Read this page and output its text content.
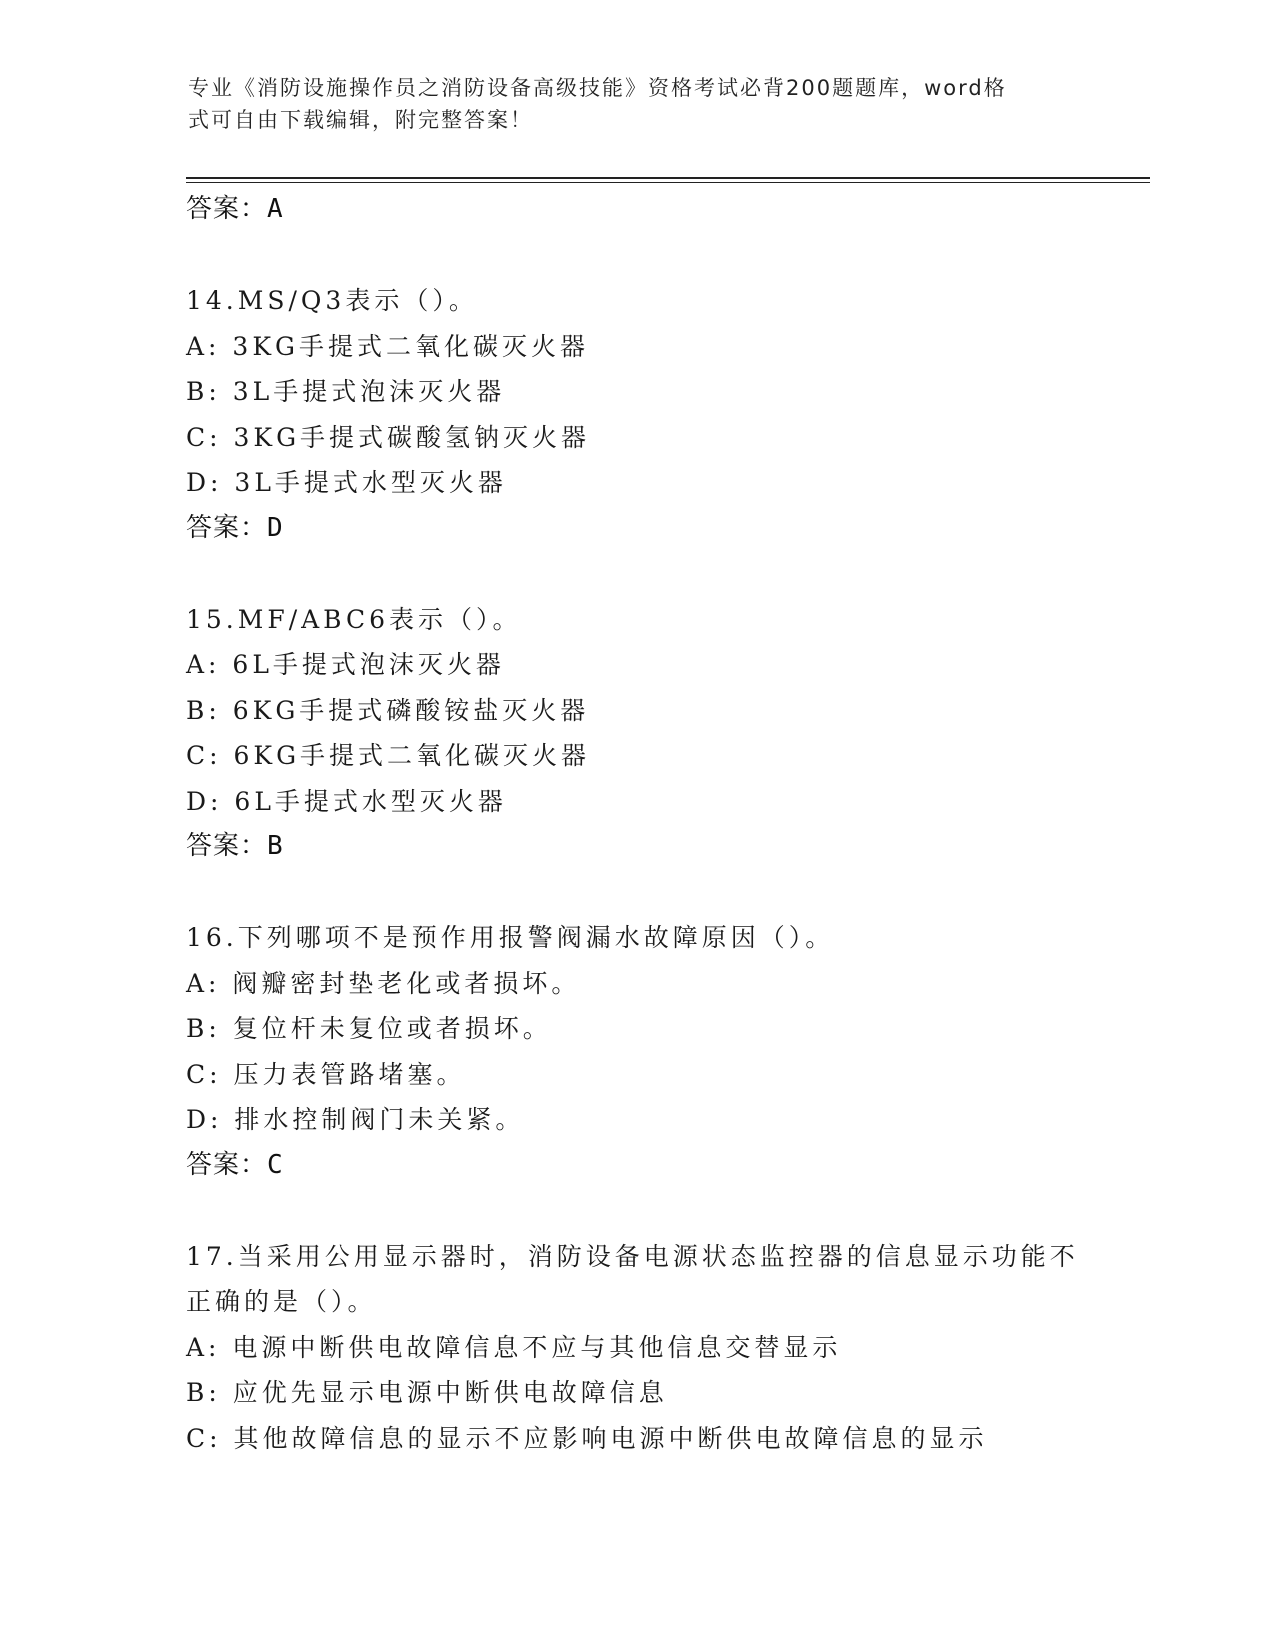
专业《消防设施操作员之消防设备高级技能》资格考试必背200题题库，word格
式可自由下载编辑，附完整答案！
答案：A
14.MS/Q3表示（）。
A: 3KG手提式二氧化碳灭火器
B: 3L手提式泡沫灭火器
C: 3KG手提式碳酸氢钠灭火器
D: 3L手提式水型灭火器
答案：D
15.MF/ABC6表示（）。
A: 6L手提式泡沫灭火器
B: 6KG手提式磷酸铵盐灭火器
C: 6KG手提式二氧化碳灭火器
D: 6L手提式水型灭火器
答案：B
16.下列哪项不是预作用报警阀漏水故障原因（）。
A: 阀瓣密封垫老化或者损坏。
B: 复位杆未复位或者损坏。
C: 压力表管路堵塞。
D: 排水控制阀门未关紧。
答案：C
17.当采用公用显示器时，消防设备电源状态监控器的信息显示功能不
正确的是（）。
A: 电源中断供电故障信息不应与其他信息交替显示
B: 应优先显示电源中断供电故障信息
C: 其他故障信息的显示不应影响电源中断供电故障信息的显示
